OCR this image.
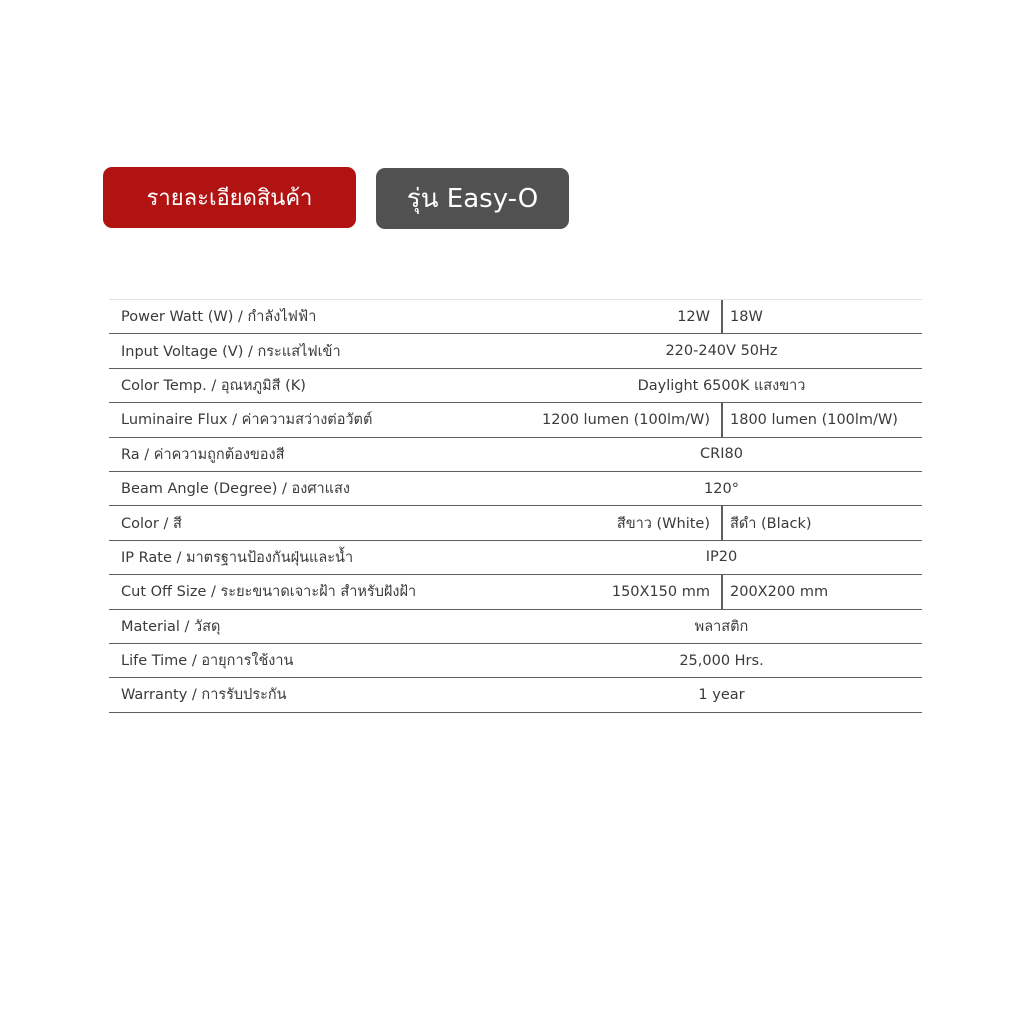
รายละเอียดสินค้า	รุ่น Easy-O
Power Watt (W) / กำลังไฟฟ้า	12W	18W
Input Voltage (V) / กระแสไฟเข้า	220-240V 50Hz
Color Temp. / อุณหภูมิสี (K)	Daylight 6500K แสงขาว
Luminaire Flux / ค่าความสว่างต่อวัตต์	1200 lumen (100lm/W)	1800 lumen (100lm/W)
Ra / ค่าความถูกต้องของสี	CRI80
Beam Angle (Degree) / องศาแสง	120°
Color / สี	สีขาว (White)	สีดำ (Black)
IP Rate / มาตรฐานป้องกันฝุ่นและน้ำ	IP20
Cut Off Size / ระยะขนาดเจาะฝ้า สำหรับฝังฝ้า	150X150 mm	200X200 mm
Material / วัสดุ	พลาสติก
Life Time / อายุการใช้งาน	25,000 Hrs.
Warranty / การรับประกัน	1 year
